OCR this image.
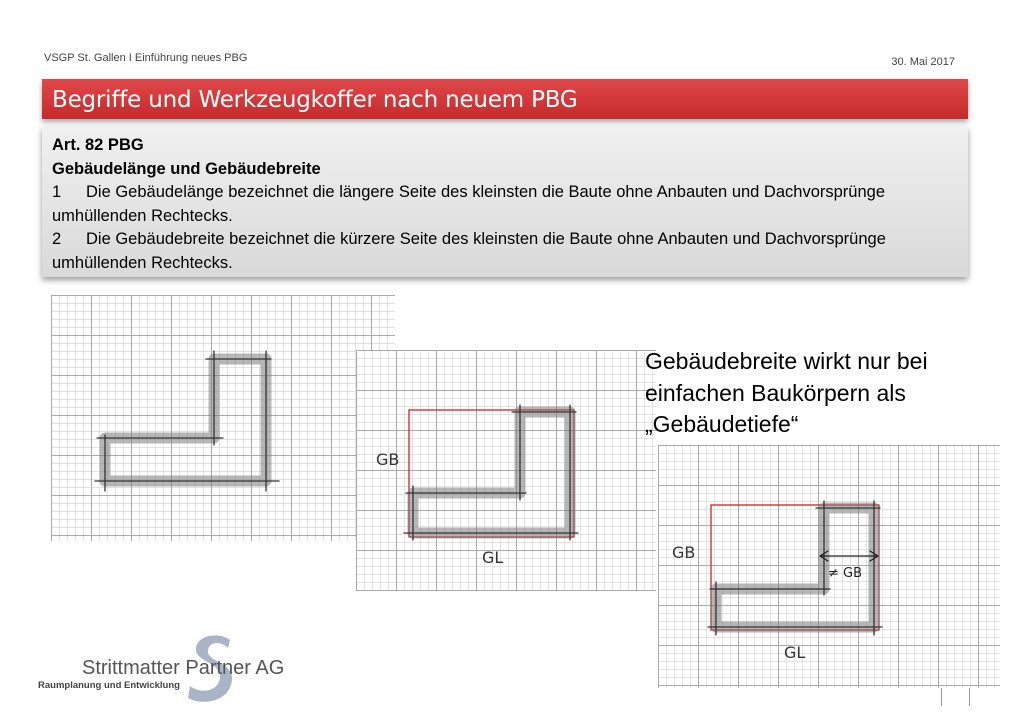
VSGP St. Gallen I Einführung neues PBG	30. Mai 2017
Begriffe und Werkzeugkoffer nach neuem PBG

Art. 82 PBG

Gebäudelänge und Gebäudebreite

1 Die Gebäudelänge bezeichnet die längere Seite des kleinsten die Baute ohne Anbauten und Dachvorsprünge

umhüllenden Rechtecks.

2 Die Gebäudebreite bezeichnet die kürzere Seite des kleinsten die Baute ohne Anbauten und Dachvorsprünge

umhüllenden Rechtecks.

GB
GL	GB
GL
≠ GB

Gebäudebreite wirkt nur bei

einfachen Baukörpern als

„Gebäudetiefe“

Strittmatter Partner AG
Raumplanung und Entwicklung
